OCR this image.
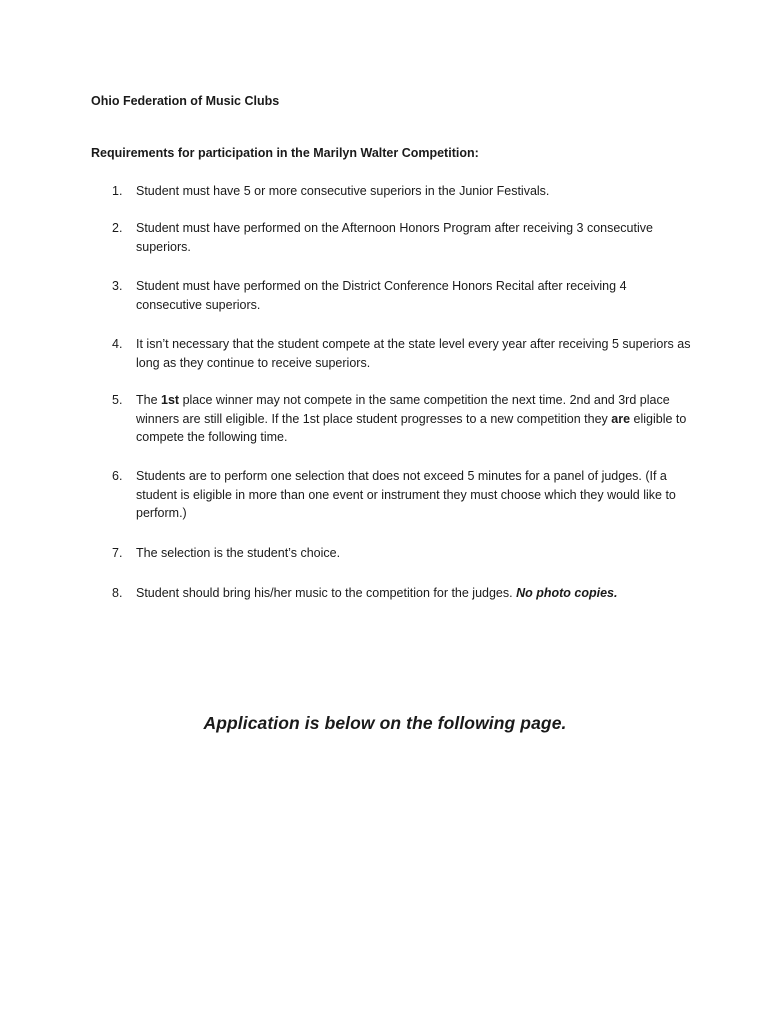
Ohio Federation of Music Clubs

Requirements for participation in the Marilyn Walter Competition:

1.	Student must have 5 or more consecutive superiors in the Junior Festivals.
2.	Student must have performed on the Afternoon Honors Program after receiving 3 consecutive superiors.
3.	Student must have performed on the District Conference Honors Recital after receiving 4 consecutive superiors.
4.	It isn’t necessary that the student compete at the state level every year after receiving 5 superiors as long as they continue to receive superiors.
5.	The 1st place winner may not compete in the same competition the next time. 2nd and 3rd place winners are still eligible. If the 1st place student progresses to a new competition they are eligible to compete the following time.
6.	Students are to perform one selection that does not exceed 5 minutes for a panel of judges. (If a student is eligible in more than one event or instrument they must choose which they would like to perform.)
7.	The selection is the student’s choice.
8.	Student should bring his/her music to the competition for the judges. No photo copies.

Application is below on the following page.
